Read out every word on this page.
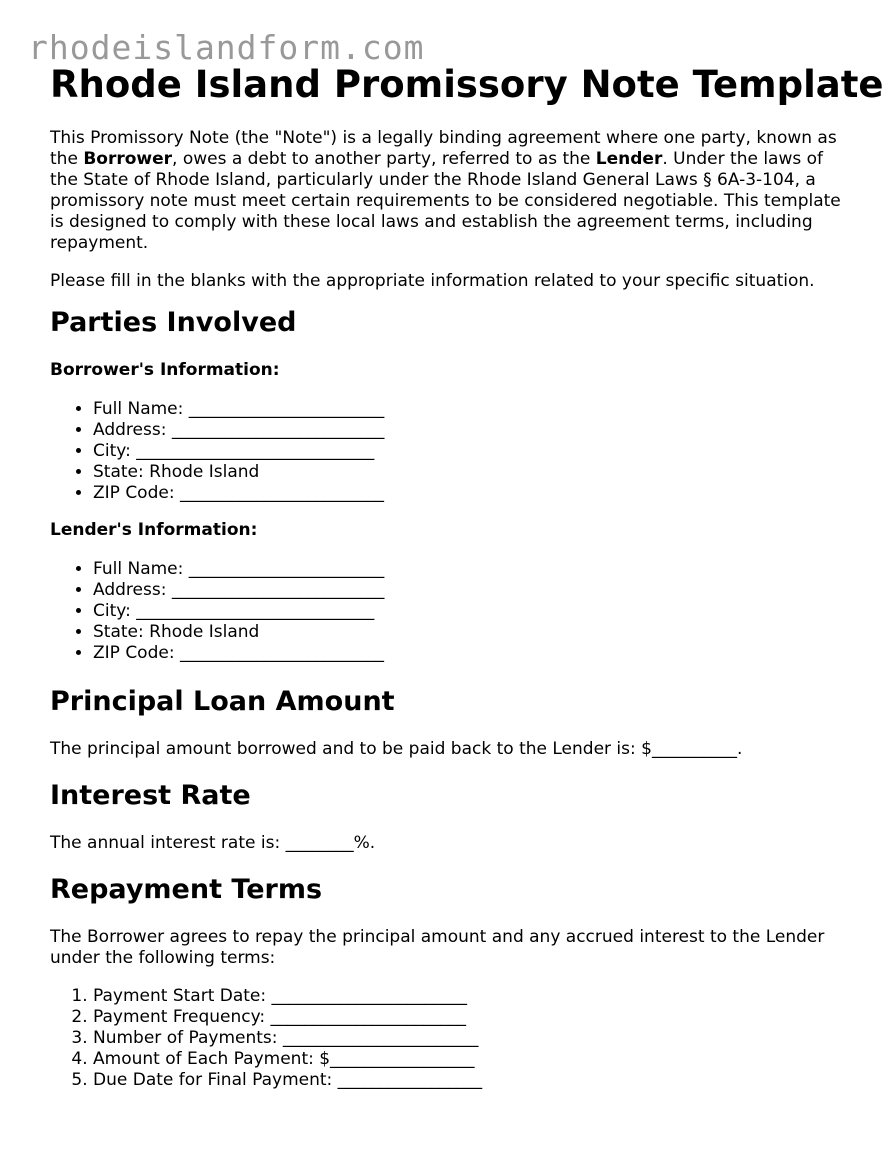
rhodeislandform.com
Rhode Island Promissory Note Template

This Promissory Note (the "Note") is a legally binding agreement where one party, known as the Borrower, owes a debt to another party, referred to as the Lender. Under the laws of the State of Rhode Island, particularly under the Rhode Island General Laws § 6A-3-104, a promissory note must meet certain requirements to be considered negotiable. This template is designed to comply with these local laws and establish the agreement terms, including repayment.

Please fill in the blanks with the appropriate information related to your specific situation.

Parties Involved
Borrower's Information:
• Full Name: _______________________
• Address: _________________________
• City: ____________________________
• State: Rhode Island
• ZIP Code: ________________________
Lender's Information:
• Full Name: _______________________
• Address: _________________________
• City: ____________________________
• State: Rhode Island
• ZIP Code: ________________________
Principal Loan Amount

The principal amount borrowed and to be paid back to the Lender is: $__________.

Interest Rate

The annual interest rate is: ________%.

Repayment Terms

The Borrower agrees to repay the principal amount and any accrued interest to the Lender under the following terms:

1. Payment Start Date: _______________________
2. Payment Frequency: _______________________
3. Number of Payments: _______________________
4. Amount of Each Payment: $_________________
5. Due Date for Final Payment: _________________
